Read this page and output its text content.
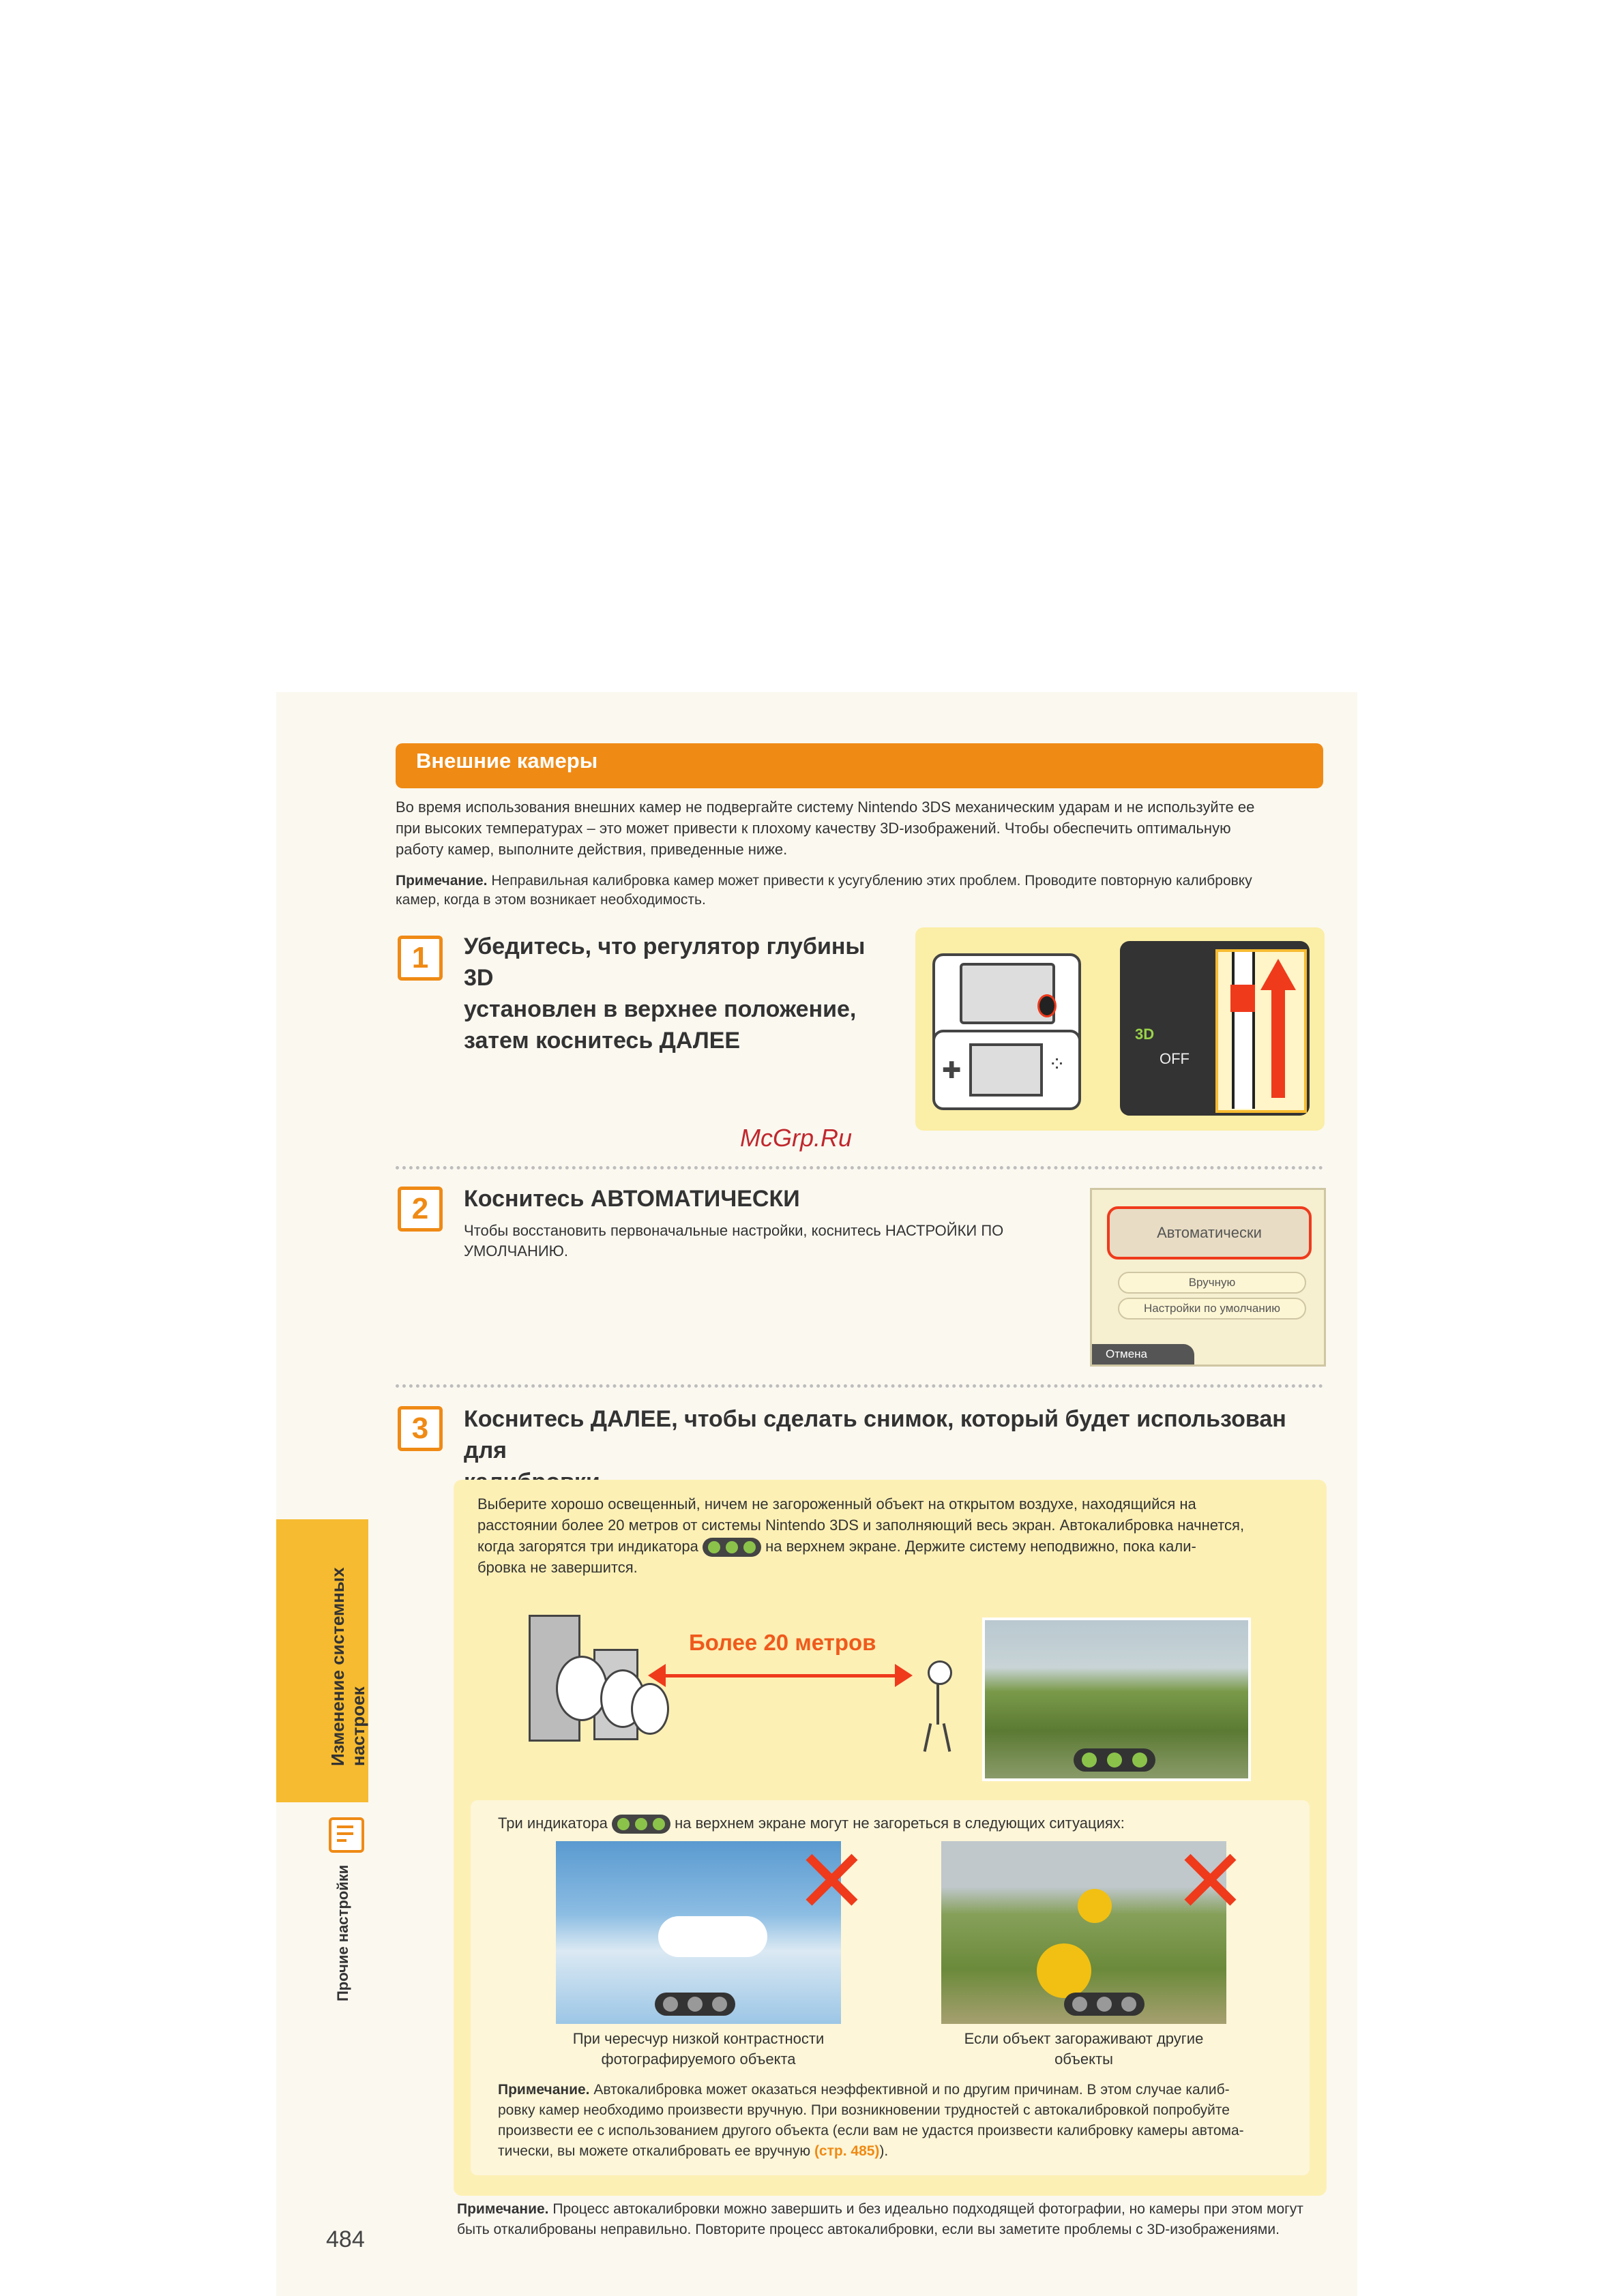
Внешние камеры
Во время использования внешних камер не подвергайте систему Nintendo 3DS механическим ударам и не используйте ее
при высоких температурах – это может привести к плохому качеству 3D-изображений. Чтобы обеспечить оптимальную
работу камер, выполните действия, приведенные ниже.
Примечание. Неправильная калибровка камер может привести к усугублению этих проблем. Проводите повторную калибровку
камер, когда в этом возникает необходимость.
1	Убедитесь, что регулятор глубины 3D
установлен в верхнее положение,
затем коснитесь ДАЛЕЕ
✚	⁘
3D
OFF
McGrp.Ru
2	Коснитесь АВТОМАТИЧЕСКИ
Чтобы восстановить первоначальные настройки, коснитесь НАСТРОЙКИ ПО
УМОЛЧАНИЮ.
Автоматически
Вручную
Настройки по умолчанию
Отмена
3	Коснитесь ДАЛЕЕ, чтобы сделать снимок, который будет использован для
Выберите хорошо освещенный, ничем не загороженный объект на открытом воздухе, находящийся на
расстоянии более 20 метров от системы Nintendo 3DS и заполняющий весь экран. Автокалибровка начнется,
когда загорятся три индикатора	на верхнем экране. Держите систему неподвижно, пока кали-
бровка не завершится.
Более 20 метров
Три индикатора	на верхнем экране могут не загореться в следующих ситуациях:
✕	✕
При чересчур низкой контрастности
фотографируемого объекта
Если объект загораживают другие
объекты
Примечание. Автокалибровка может оказаться неэффективной и по другим причинам. В этом случае калиб-
ровку камер необходимо произвести вручную. При возникновении трудностей с автокалибровкой попробуйте
произвести ее с использованием другого объекта (если вам не удастся произвести калибровку камеры автома-
тически, вы можете откалибровать ее вручную (стр. 485)).
Примечание. Процесс автокалибровки можно завершить и без идеально подходящей фотографии, но камеры при этом могут
быть откалиброваны неправильно. Повторите процесс автокалибровки, если вы заметите проблемы с 3D-изображениями.
Изменение системных настроек
Прочие настройки
484
